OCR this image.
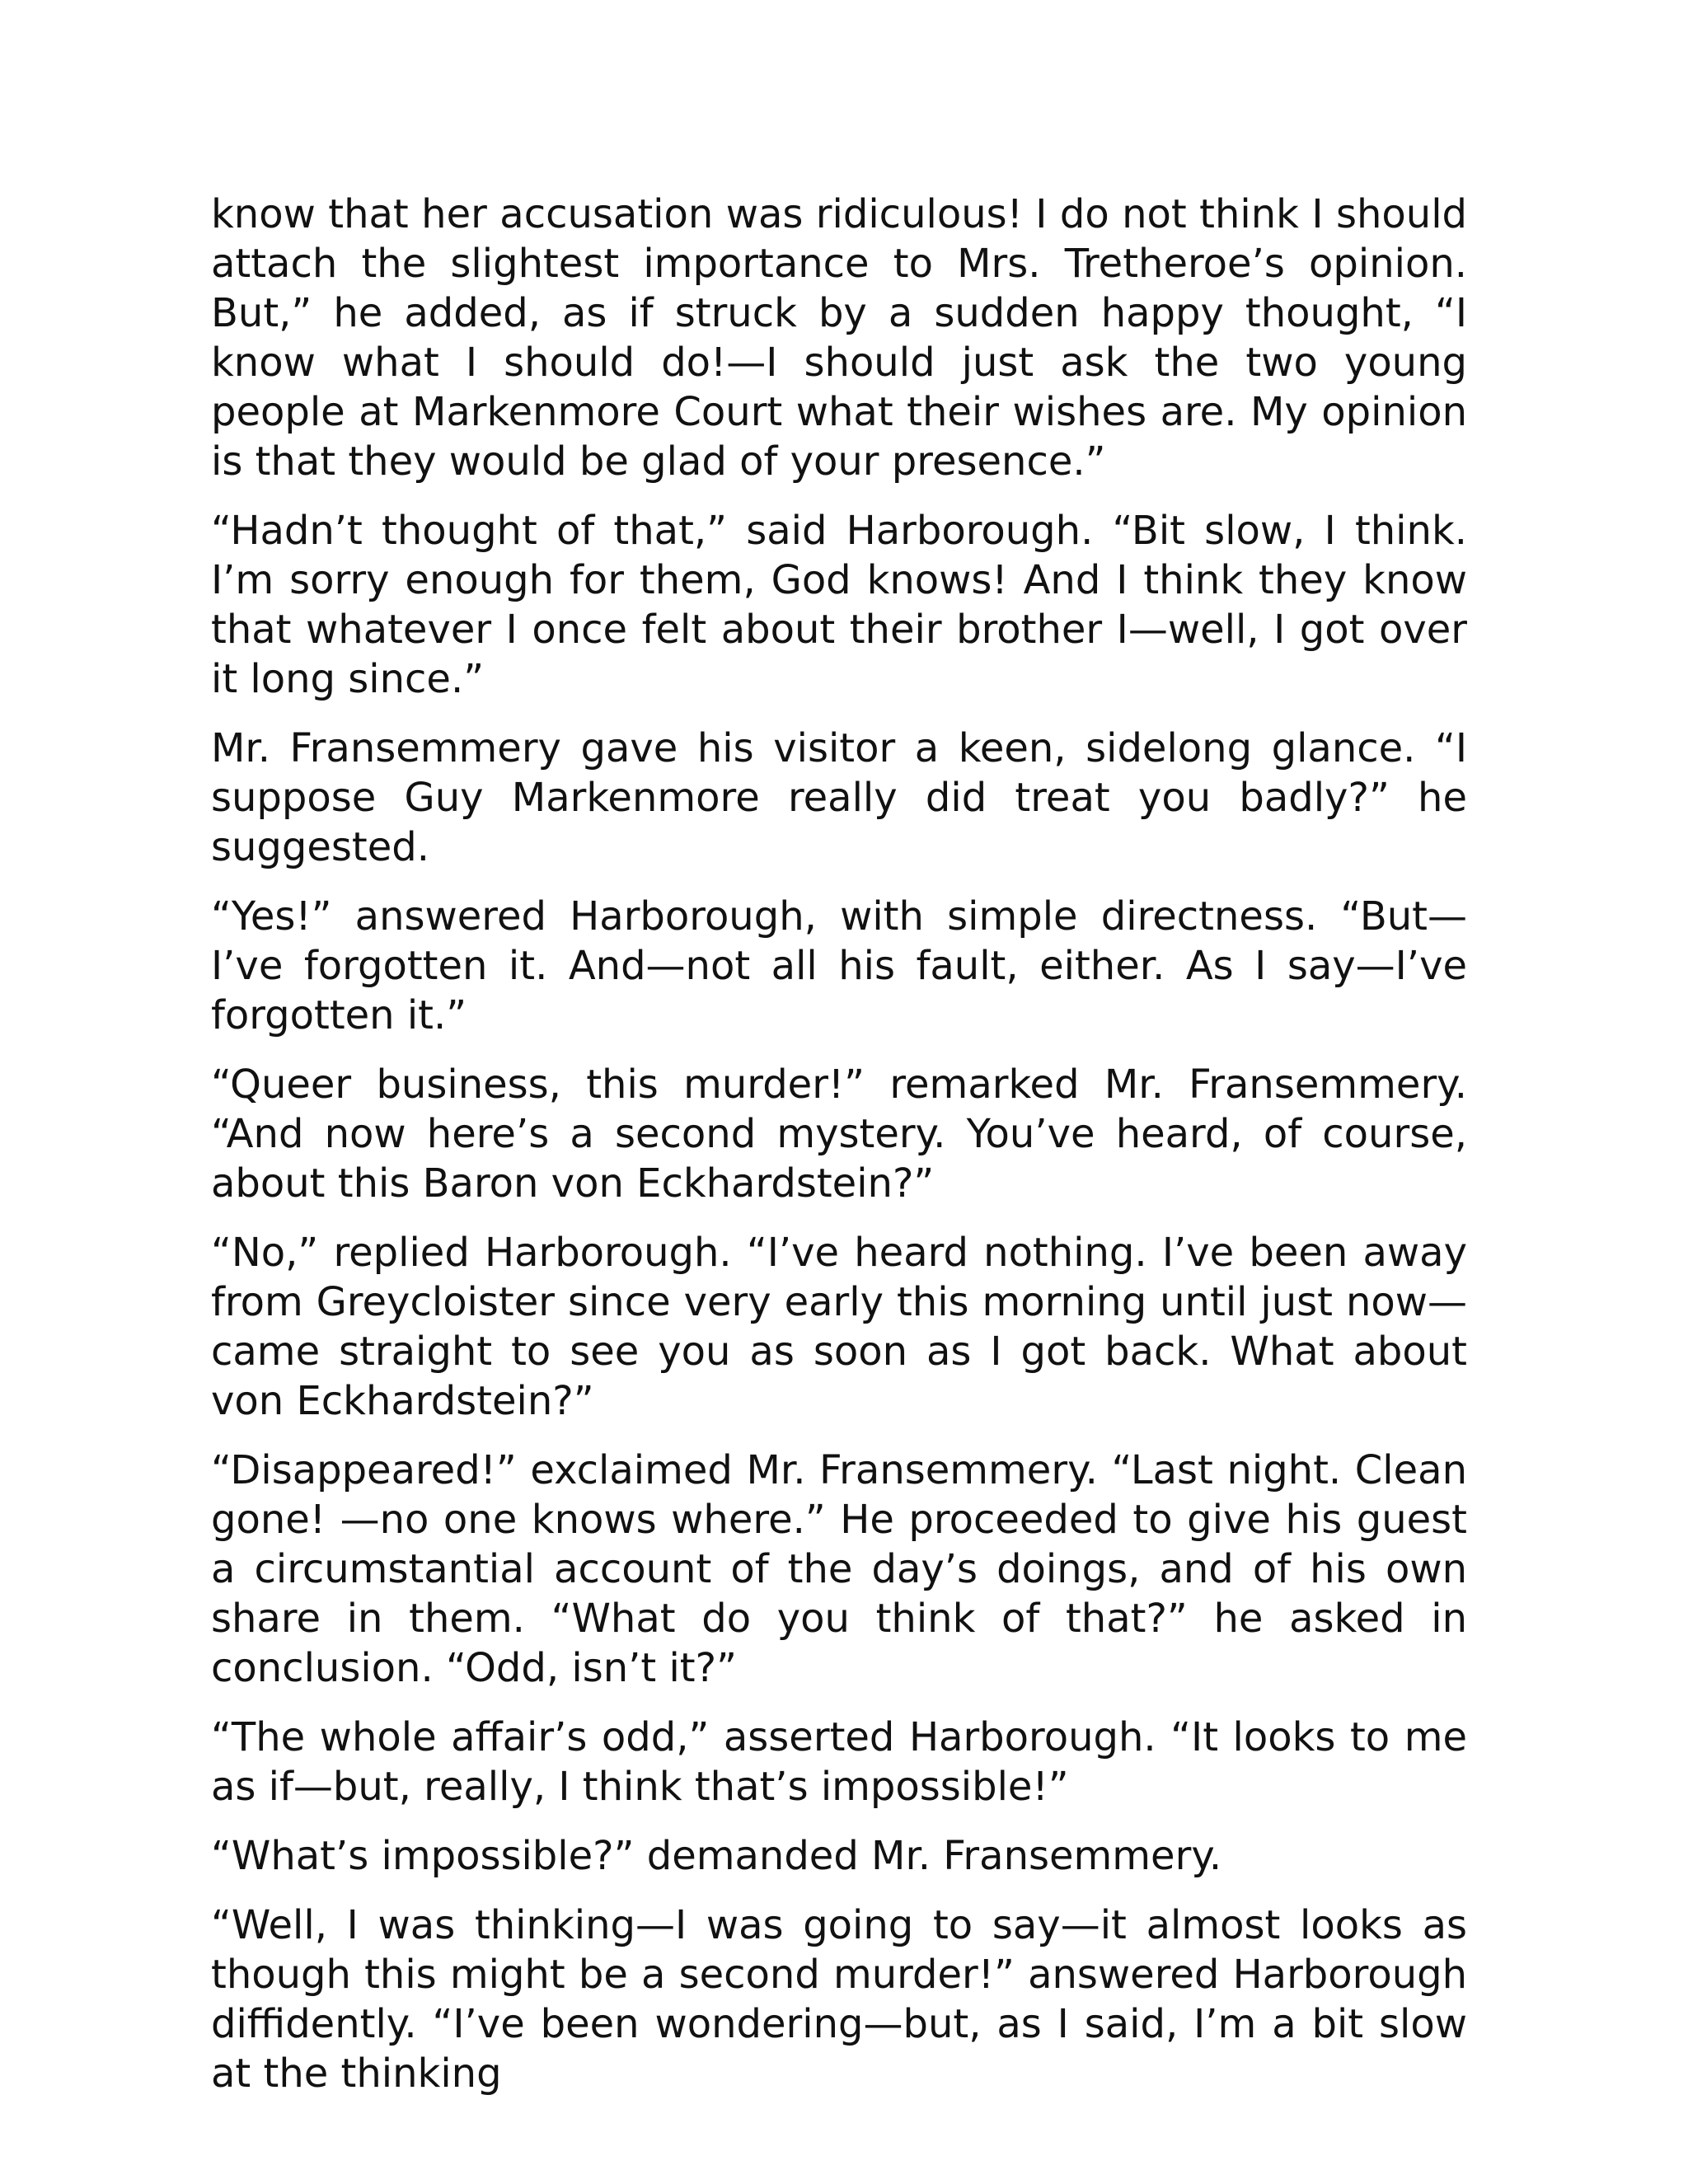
know that her accusation was ridiculous! I do not think I should attach the slightest importance to Mrs. Tretheroe’s opinion. But,” he added, as if struck by a sudden happy thought, “I know what I should do!—I should just ask the two young people at Markenmore Court what their wishes are. My opinion is that they would be glad of your presence.”

“Hadn’t thought of that,” said Harborough. “Bit slow, I think. I’m sorry enough for them, God knows! And I think they know that whatever I once felt about their brother I—well, I got over it long since.”

Mr. Fransemmery gave his visitor a keen, sidelong glance. “I suppose Guy Markenmore really did treat you badly?” he suggested.

“Yes!” answered Harborough, with simple directness. “But—I’ve forgotten it. And—not all his fault, either. As I say—I’ve forgotten it.”

“Queer business, this murder!” remarked Mr. Fransemmery. “And now here’s a second mystery. You’ve heard, of course, about this Baron von Eckhardstein?”

“No,” replied Harborough. “I’ve heard nothing. I’ve been away from Greycloister since very early this morning until just now—came straight to see you as soon as I got back. What about von Eckhardstein?”

“Disappeared!” exclaimed Mr. Fransemmery. “Last night. Clean gone! —no one knows where.” He proceeded to give his guest a circumstantial account of the day’s doings, and of his own share in them. “What do you think of that?” he asked in conclusion. “Odd, isn’t it?”

“The whole affair’s odd,” asserted Harborough. “It looks to me as if—but, really, I think that’s impossible!”

“What’s impossible?” demanded Mr. Fransemmery.

“Well, I was thinking—I was going to say—it almost looks as though this might be a second murder!” answered Harborough diffidently. “I’ve been wondering—but, as I said, I’m a bit slow at the thinking
